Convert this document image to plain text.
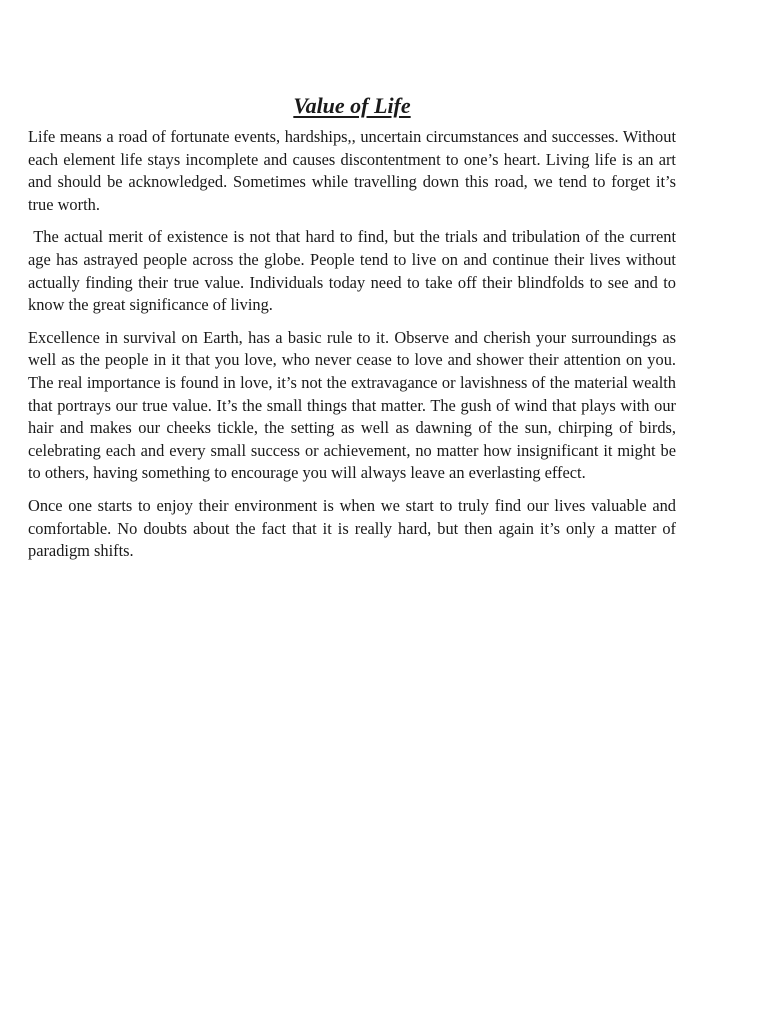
Value of Life

Life means a road of fortunate events, hardships,, uncertain circumstances and successes. Without each element life stays incomplete and causes discontentment to one’s heart. Living life is an art and should be acknowledged. Sometimes while travelling down this road, we tend to forget it’s true worth.

The actual merit of existence is not that hard to find, but the trials and tribulation of the current age has astrayed people across the globe. People tend to live on and continue their lives without actually finding their true value. Individuals today need to take off their blindfolds to see and to know the great significance of living.

Excellence in survival on Earth, has a basic rule to it. Observe and cherish your surroundings as well as the people in it that you love, who never cease to love and shower their attention on you. The real importance is found in love, it’s not the extravagance or lavishness of the material wealth that portrays our true value. It’s the small things that matter. The gush of wind that plays with our hair and makes our cheeks tickle, the setting as well as dawning of the sun, chirping of birds, celebrating each and every small success or achievement, no matter how insignificant it might be to others, having something to encourage you will always leave an everlasting effect.

Once one starts to enjoy their environment is when we start to truly find our lives valuable and comfortable. No doubts about the fact that it is really hard, but then again it’s only a matter of paradigm shifts.
